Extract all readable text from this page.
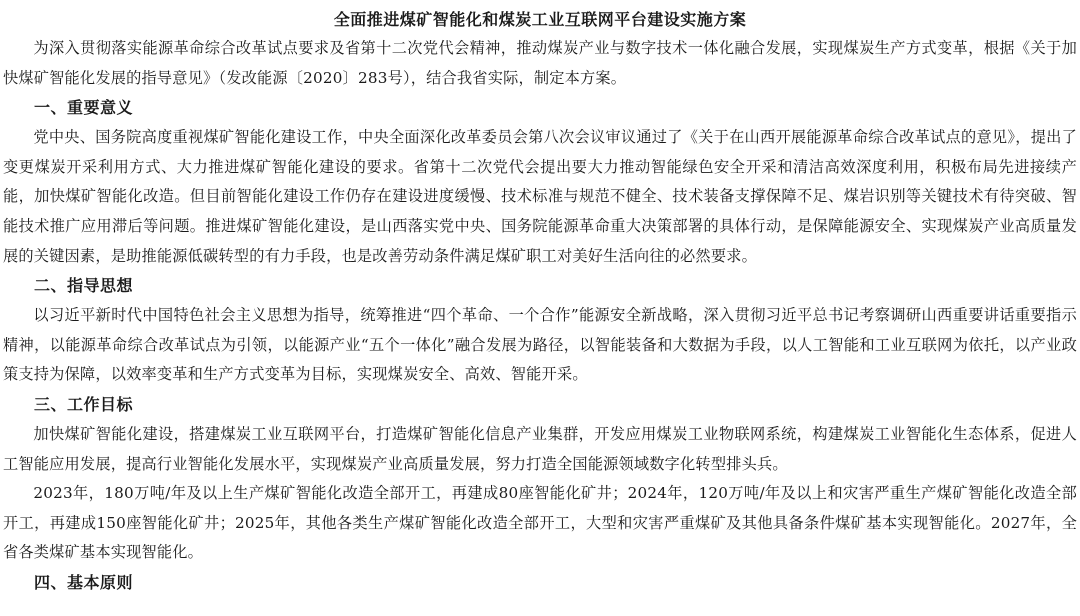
全面推进煤矿智能化和煤炭工业互联网平台建设实施方案

为深入贯彻落实能源革命综合改革试点要求及省第十二次党代会精神，推动煤炭产业与数字技术一体化融合发展，实现煤炭生产方式变革，根据《关于加快煤矿智能化发展的指导意见》（发改能源〔2020〕283号），结合我省实际，制定本方案。

一、重要意义

党中央、国务院高度重视煤矿智能化建设工作，中央全面深化改革委员会第八次会议审议通过了《关于在山西开展能源革命综合改革试点的意见》，提出了变更煤炭开采利用方式、大力推进煤矿智能化建设的要求。省第十二次党代会提出要大力推动智能绿色安全开采和清洁高效深度利用，积极布局先进接续产能，加快煤矿智能化改造。但目前智能化建设工作仍存在建设进度缓慢、技术标准与规范不健全、技术装备支撑保障不足、煤岩识别等关键技术有待突破、智能技术推广应用滞后等问题。推进煤矿智能化建设，是山西落实党中央、国务院能源革命重大决策部署的具体行动，是保障能源安全、实现煤炭产业高质量发展的关键因素，是助推能源低碳转型的有力手段，也是改善劳动条件满足煤矿职工对美好生活向往的必然要求。

二、指导思想

以习近平新时代中国特色社会主义思想为指导，统筹推进“四个革命、一个合作”能源安全新战略，深入贯彻习近平总书记考察调研山西重要讲话重要指示精神，以能源革命综合改革试点为引领，以能源产业“五个一体化”融合发展为路径，以智能装备和大数据为手段，以人工智能和工业互联网为依托，以产业政策支持为保障，以效率变革和生产方式变革为目标，实现煤炭安全、高效、智能开采。

三、工作目标

加快煤矿智能化建设，搭建煤炭工业互联网平台，打造煤矿智能化信息产业集群，开发应用煤炭工业物联网系统，构建煤炭工业智能化生态体系，促进人工智能应用发展，提高行业智能化发展水平，实现煤炭产业高质量发展，努力打造全国能源领域数字化转型排头兵。

2023年，180万吨/年及以上生产煤矿智能化改造全部开工，再建成80座智能化矿井；2024年，120万吨/年及以上和灾害严重生产煤矿智能化改造全部开工，再建成150座智能化矿井；2025年，其他各类生产煤矿智能化改造全部开工，大型和灾害严重煤矿及其他具备条件煤矿基本实现智能化。2027年，全省各类煤矿基本实现智能化。

四、基本原则
